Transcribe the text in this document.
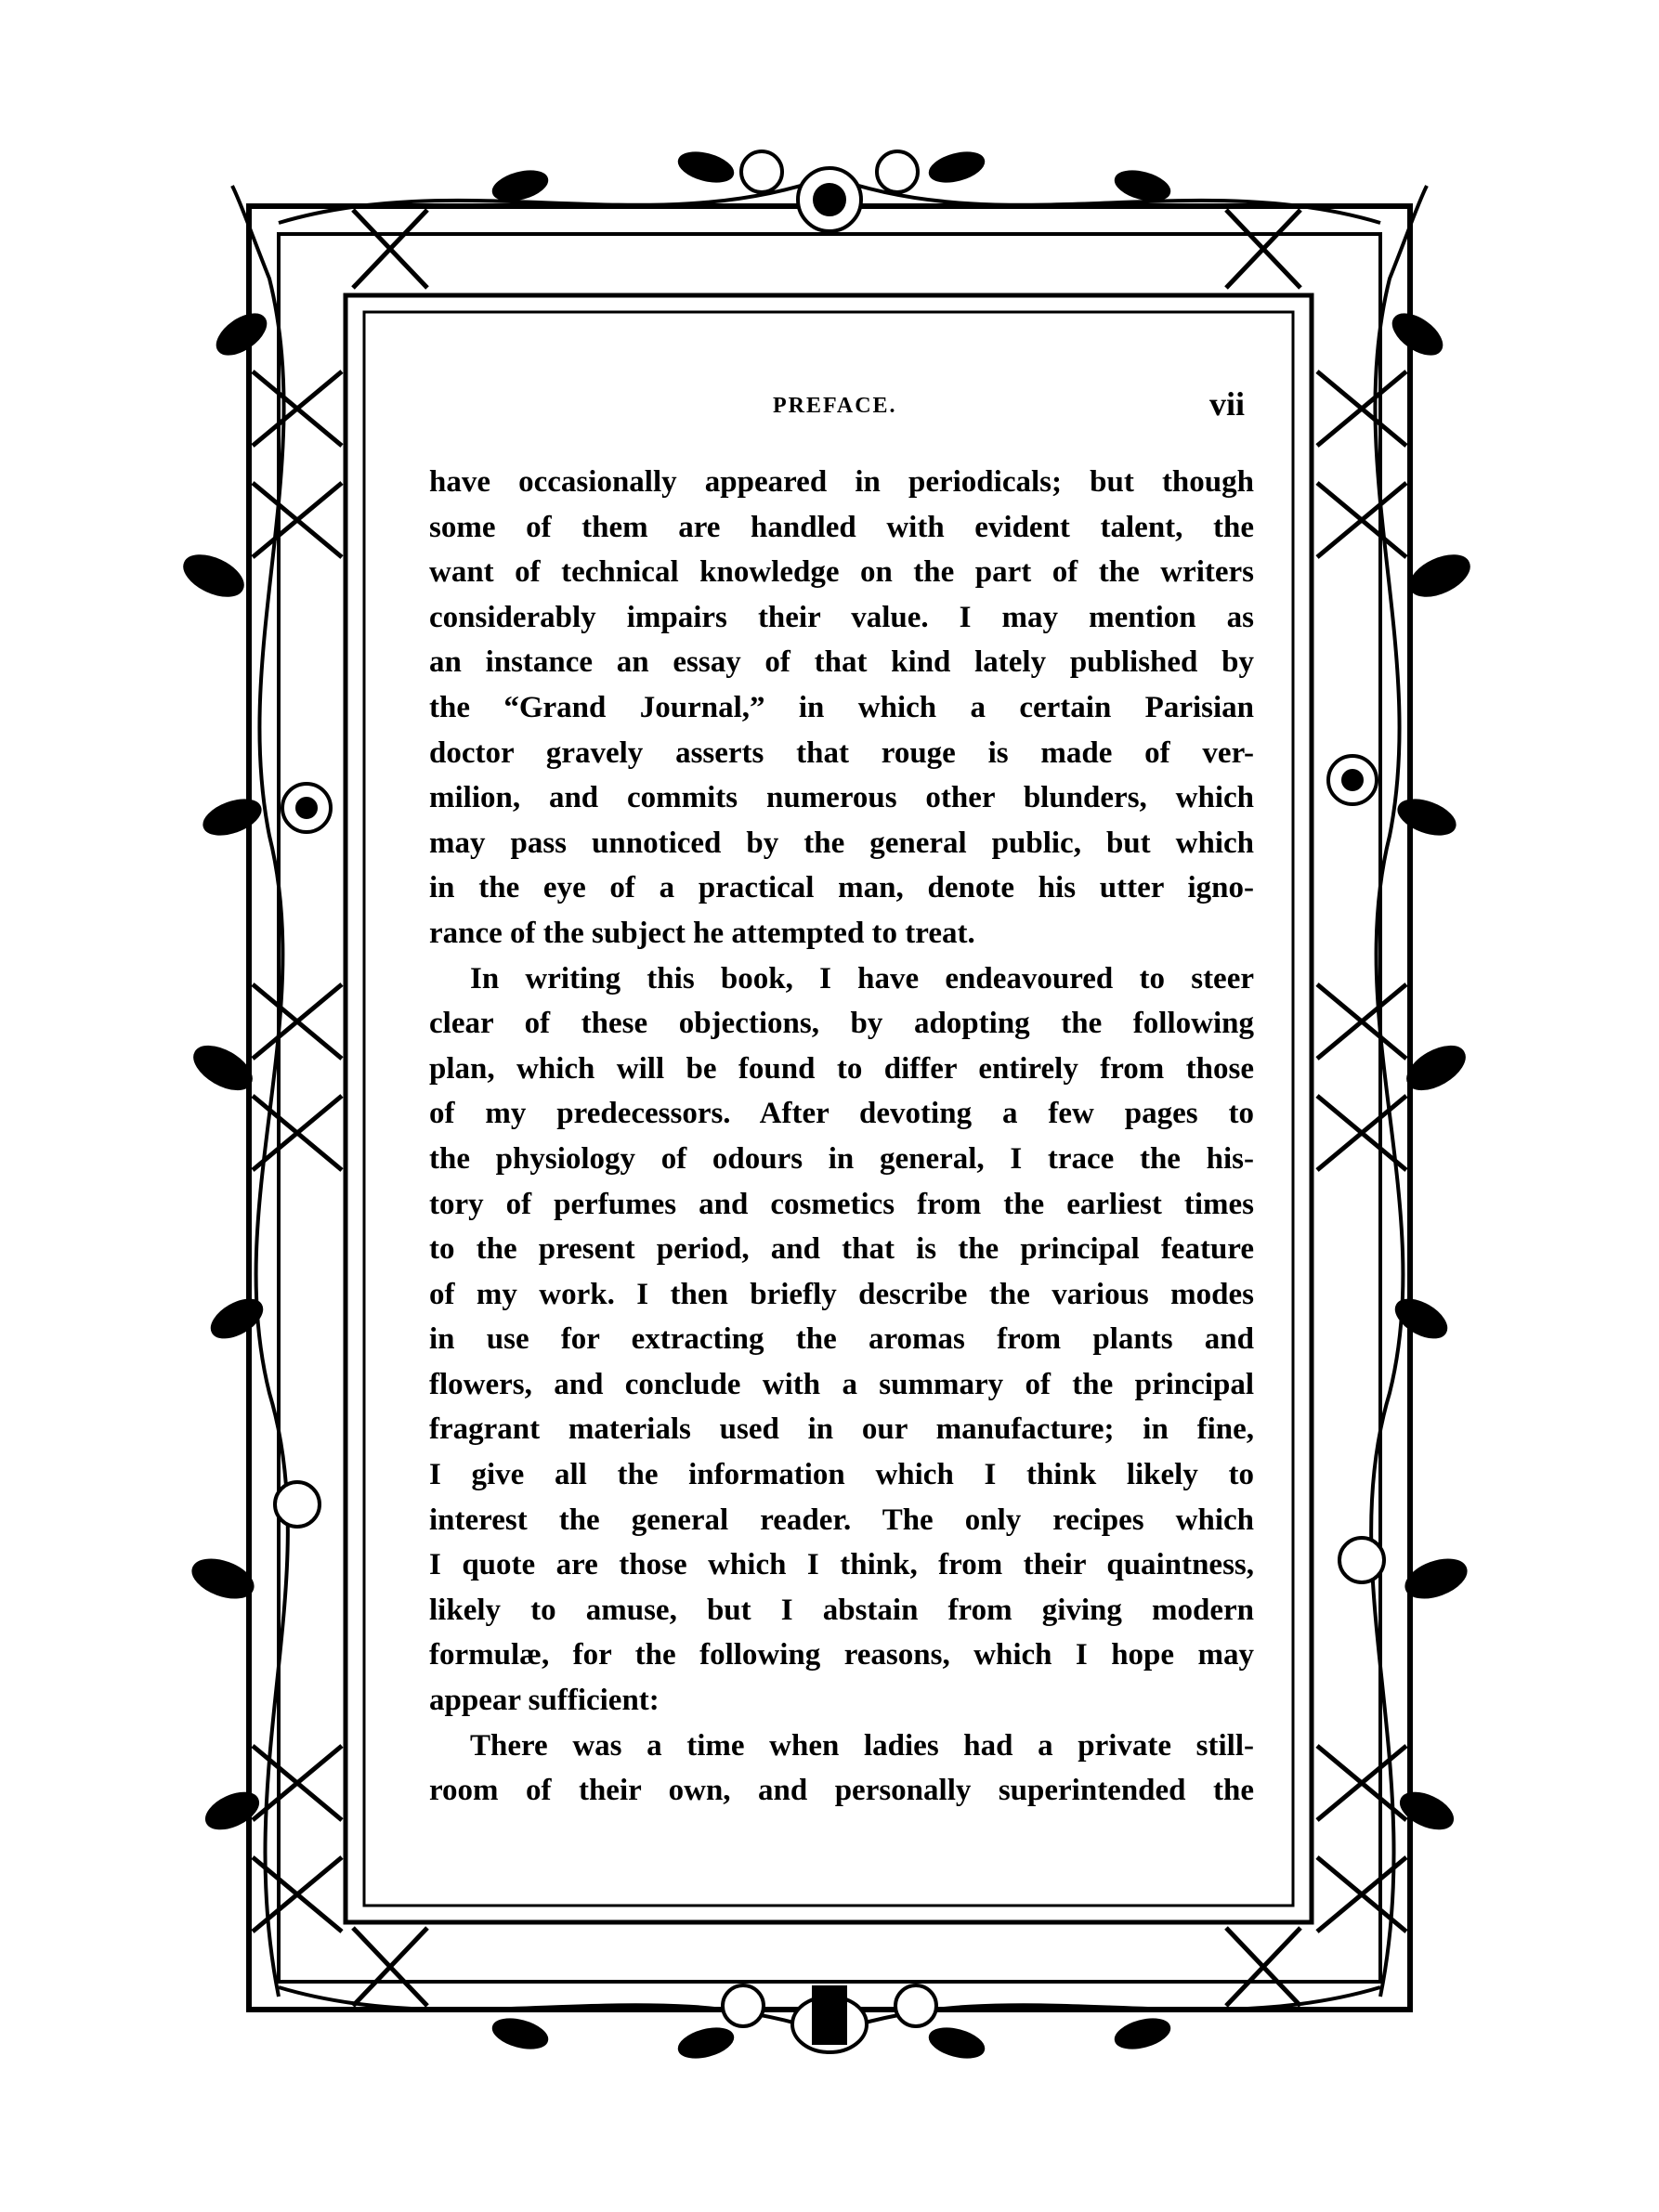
PREFACE.	vii
have occasionally appeared in periodicals; but though
some of them are handled with evident talent, the
want of technical knowledge on the part of the writers
considerably impairs their value. I may mention as
an instance an essay of that kind lately published by
the “Grand Journal,” in which a certain Parisian
doctor gravely asserts that rouge is made of ver-
milion, and commits numerous other blunders, which
may pass unnoticed by the general public, but which
in the eye of a practical man, denote his utter igno-
rance of the subject he attempted to treat.
In writing this book, I have endeavoured to steer
clear of these objections, by adopting the following
plan, which will be found to differ entirely from those
of my predecessors. After devoting a few pages to
the physiology of odours in general, I trace the his-
tory of perfumes and cosmetics from the earliest times
to the present period, and that is the principal feature
of my work. I then briefly describe the various modes
in use for extracting the aromas from plants and
flowers, and conclude with a summary of the principal
fragrant materials used in our manufacture; in fine,
I give all the information which I think likely to
interest the general reader. The only recipes which
I quote are those which I think, from their quaintness,
likely to amuse, but I abstain from giving modern
formulæ, for the following reasons, which I hope may
appear sufficient:
There was a time when ladies had a private still-
room of their own, and personally superintended the
